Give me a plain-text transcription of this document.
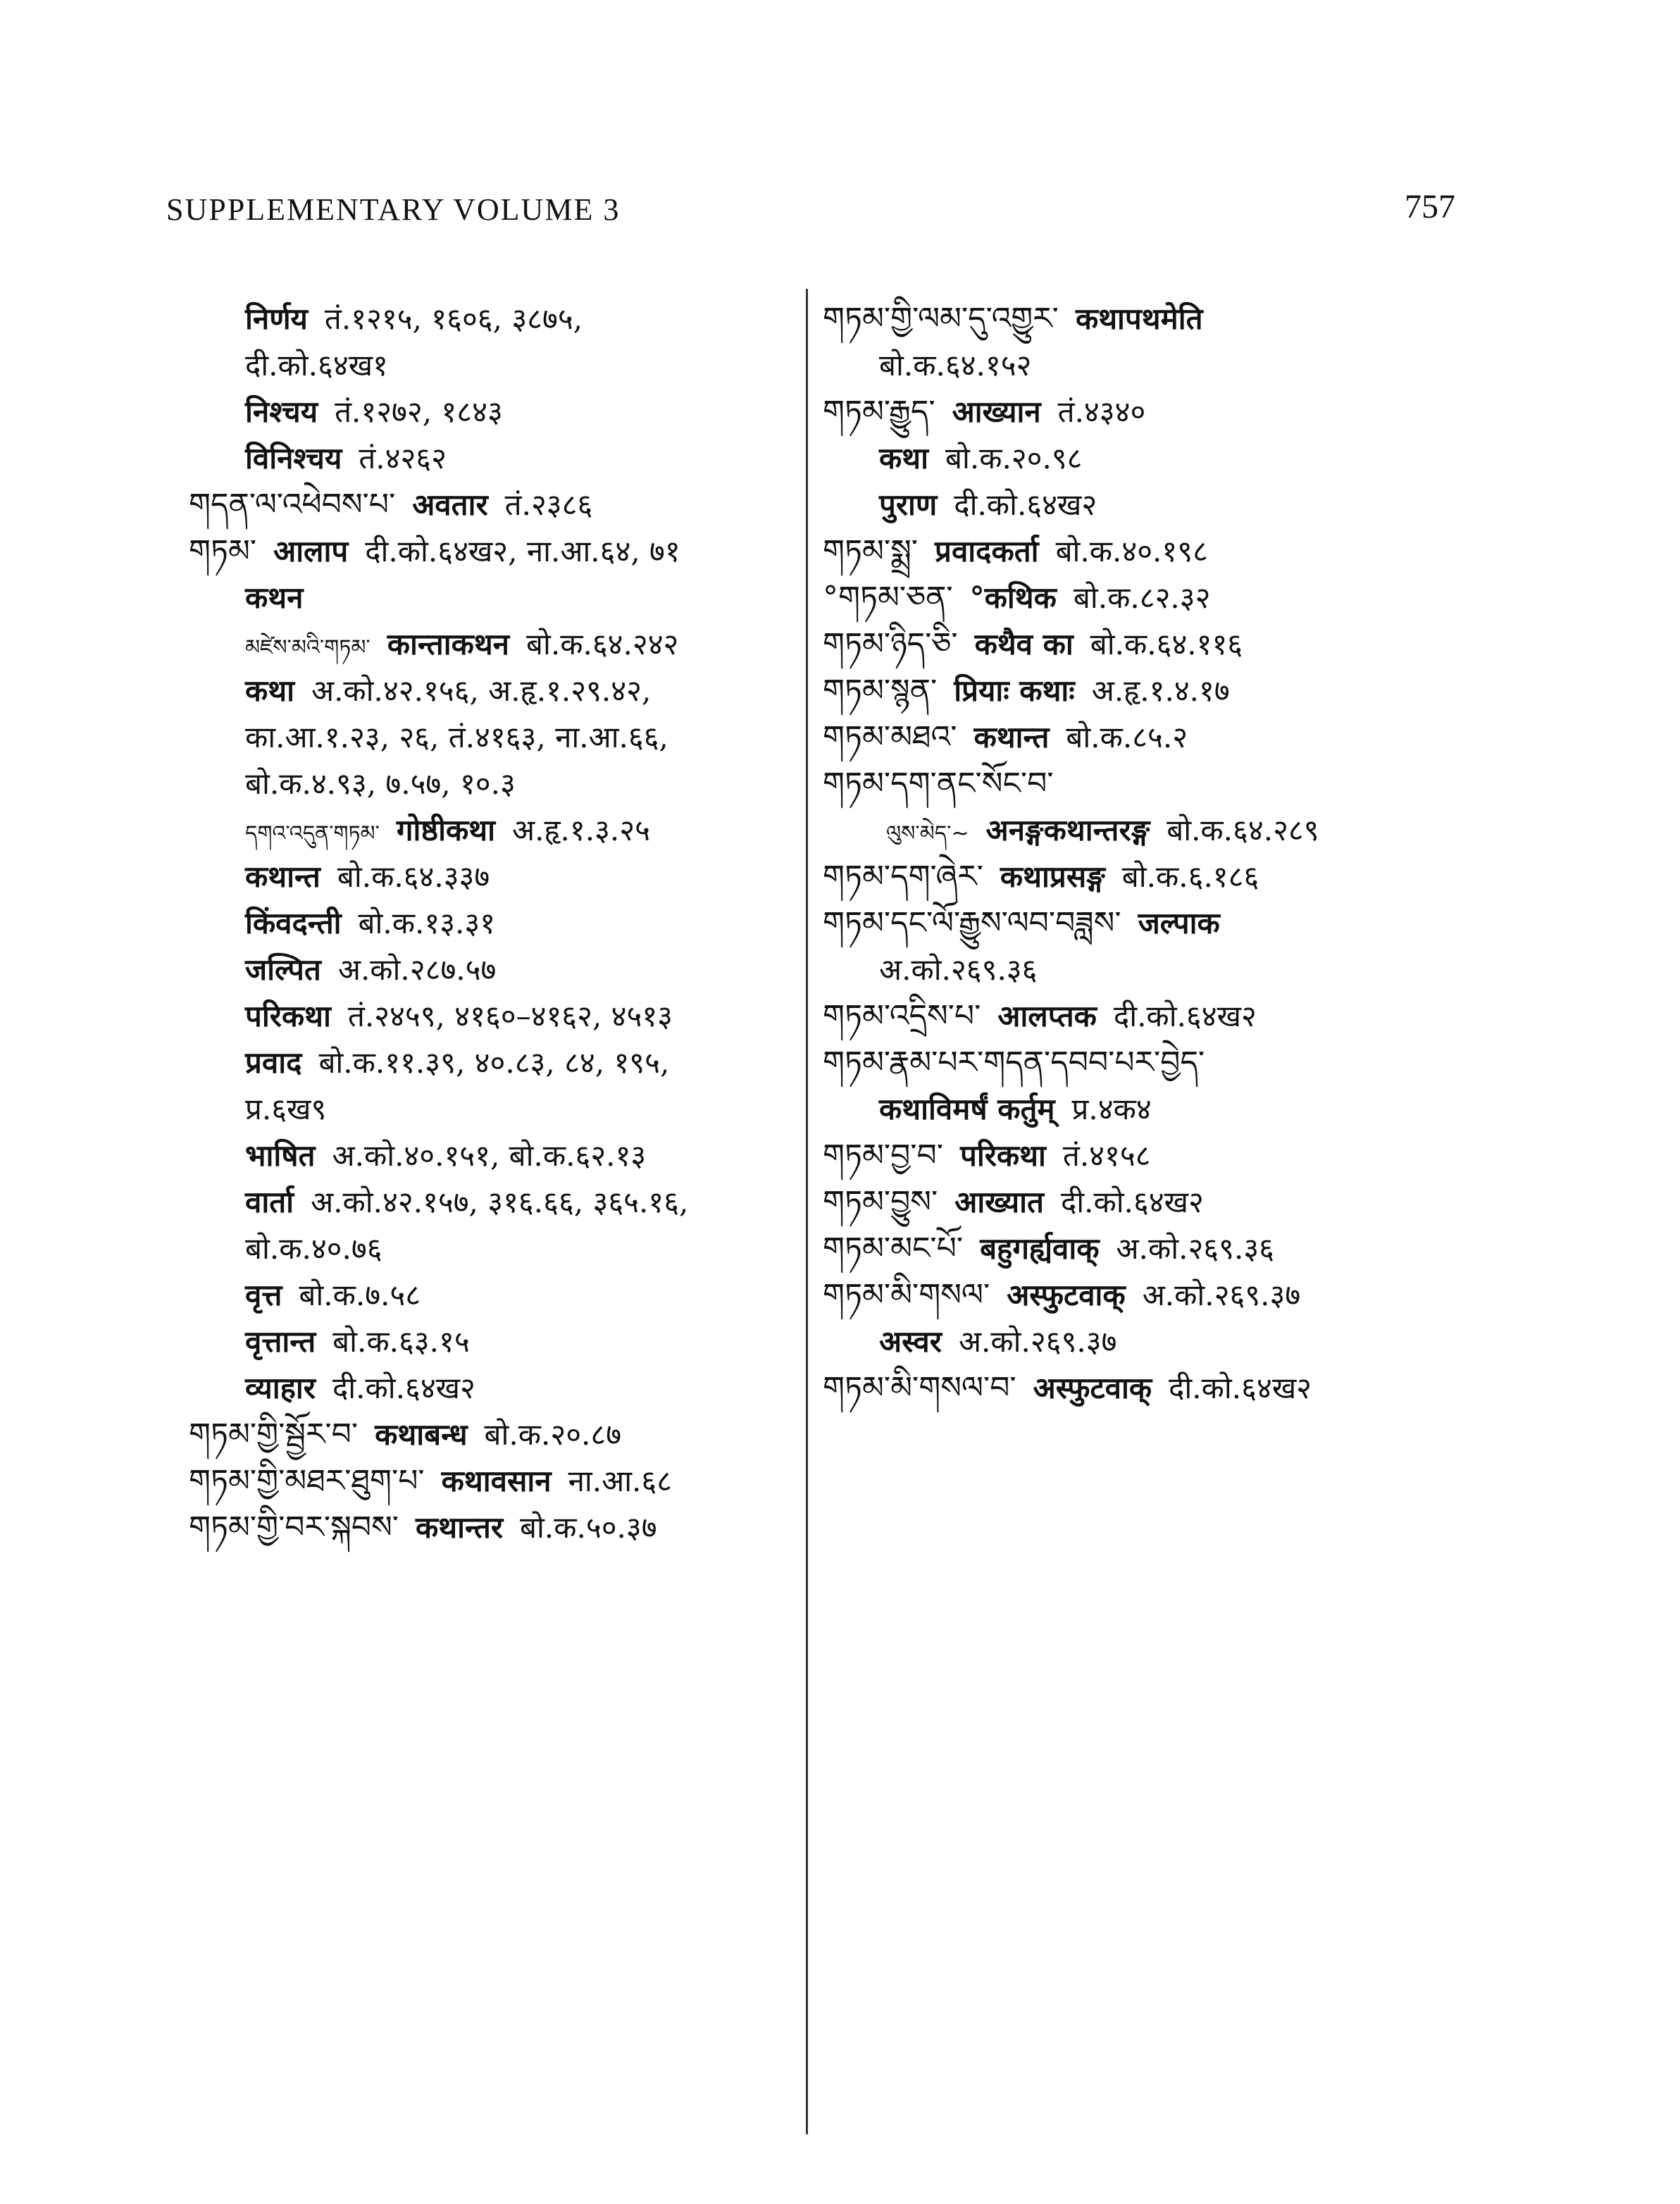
SUPPLEMENTARY VOLUME 3	757
निर्णय तं.१२१५, १६०६, ३८७५,
दी.को.६४ख१
निश्चय तं.१२७२, १८४३
विनिश्चय तं.४२६२
གདན་ལ་འཕེབས་པ་ अवतार तं.२३८६
གཏམ་ आलाप दी.को.६४ख२, ना.आ.६४, ७१
कथन
མཛེས་མའི་གཏམ་ कान्ताकथन बो.क.६४.२४२
कथा अ.को.४२.१५६, अ.हृ.१.२९.४२,
का.आ.१.२३, २६, तं.४१६३, ना.आ.६६,
बो.क.४.९३, ७.५७, १०.३
དགའ་འདུན་གཏམ་ गोष्ठीकथा अ.हृ.१.३.२५
कथान्त बो.क.६४.३३७
किंवदन्ती बो.क.१३.३१
जल्पित अ.को.२८७.५७
परिकथा तं.२४५९, ४१६०–४१६२, ४५१३
प्रवाद बो.क.११.३९, ४०.८३, ८४, १९५,
प्र.६ख९
भाषित अ.को.४०.१५१, बो.क.६२.१३
वार्ता अ.को.४२.१५७, ३१६.६६, ३६५.१६,
बो.क.४०.७६
वृत्त बो.क.७.५८
वृत्तान्त बो.क.६३.१५
व्याहार दी.को.६४ख२
གཏམ་གྱི་སྦྱོར་བ་ कथाबन्ध बो.क.२०.८७
གཏམ་གྱི་མཐར་ཐུག་པ་ कथावसान ना.आ.६८
གཏམ་གྱི་བར་སྐབས་ कथान्तर बो.क.५०.३७
གཏམ་གྱི་ལམ་དུ་འགྱུར་ कथापथमेति
बो.क.६४.१५२
གཏམ་རྒྱུད་ आख्यान तं.४३४०
कथा बो.क.२०.९८
पुराण दी.को.६४ख२
གཏམ་སྨྲ་ प्रवादकर्ता बो.क.४०.१९८
°གཏམ་ཅན་ °कथिक बो.क.८२.३२
གཏམ་ཉིད་ཅི་ कथैव का बो.क.६४.११६
གཏམ་སྙན་ प्रियाः कथाः अ.हृ.१.४.१७
གཏམ་མཐའ་ कथान्त बो.क.८५.२
གཏམ་དག་ནང་སོང་བ་
ལུས་མེད་~ अनङ्गकथान्तरङ्ग बो.क.६४.२८९
གཏམ་དག་ཞེར་ कथाप्रसङ्ग बो.क.६.१८६
གཏམ་དང་ལོ་རྒྱུས་ལབ་བཟླས་ जल्पाक
अ.को.२६९.३६
གཏམ་འདྲིས་པ་ आलप्तक दी.को.६४ख२
གཏམ་རྣམ་པར་གདན་དབབ་པར་བྱེད་
कथाविमर्षं कर्तुम् प्र.४क४
གཏམ་བྱ་བ་ परिकथा तं.४१५८
གཏམ་བྱུས་ आख्यात दी.को.६४ख२
གཏམ་མང་པོ་ बहुगर्ह्यवाक् अ.को.२६९.३६
གཏམ་མི་གསལ་ अस्फुटवाक् अ.को.२६९.३७
अस्वर अ.को.२६९.३७
གཏམ་མི་གསལ་བ་ अस्फुटवाक् दी.को.६४ख२
